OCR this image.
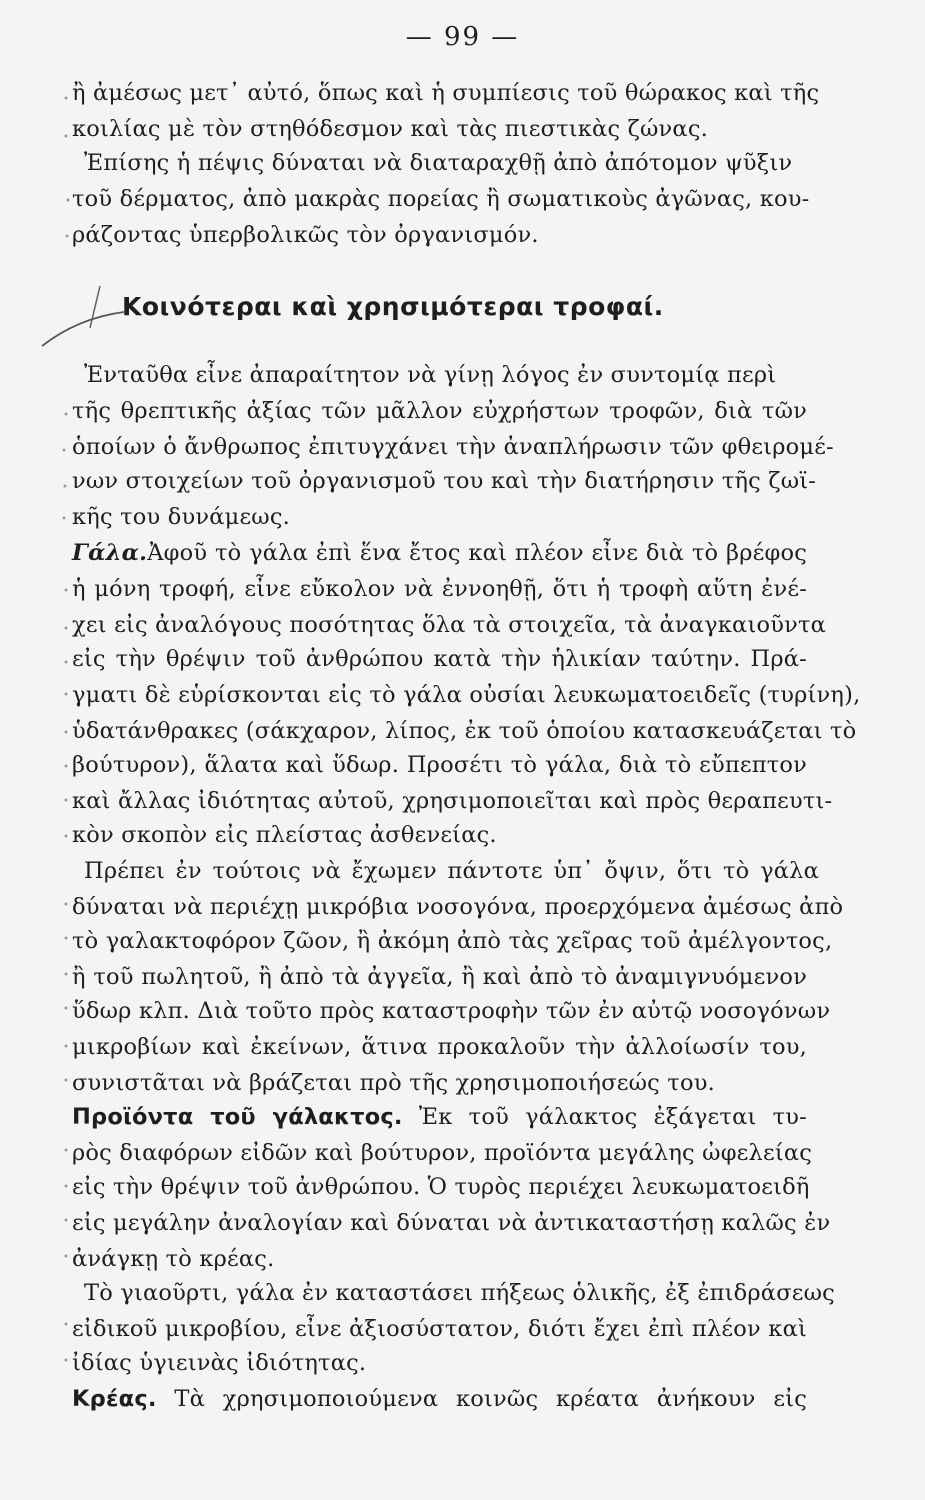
— 99 —
ἢ ἀμέσως μετ᾿ αὐτό, ὅπως καὶ ἡ συμπίεσις τοῦ θώρακος καὶ τῆς
κοιλίας μὲ τὸν στηθόδεσμον καὶ τὰς πιεστικὰς ζώνας.
Ἐπίσης ἡ πέψις δύναται νὰ διαταραχθῇ ἀπὸ ἀπότομον ψῦξιν
τοῦ δέρματος, ἀπὸ μακρὰς πορείας ἢ σωματικοὺς ἀγῶνας, κου-
ράζοντας ὑπερβολικῶς τὸν ὀργανισμόν.
Ἐνταῦθα εἶνε ἀπαραίτητον νὰ γίνῃ λόγος ἐν συντομίᾳ περὶ
τῆς θρεπτικῆς ἀξίας τῶν μᾶλλον εὐχρήστων τροφῶν, διὰ τῶν
ὁποίων ὁ ἄνθρωπος ἐπιτυγχάνει τὴν ἀναπλήρωσιν τῶν φθειρομέ-
νων στοιχείων τοῦ ὀργανισμοῦ του καὶ τὴν διατήρησιν τῆς ζωϊ-
κῆς του δυνάμεως.
Γάλα.Ἀφοῦ τὸ γάλα ἐπὶ ἕνα ἔτος καὶ πλέον εἶνε διὰ τὸ βρέφος
ἡ μόνη τροφή, εἶνε εὔκολον νὰ ἐννοηθῇ, ὅτι ἡ τροφὴ αὕτη ἐνέ-
χει εἰς ἀναλόγους ποσότητας ὅλα τὰ στοιχεῖα, τὰ ἀναγκαιοῦντα
εἰς τὴν θρέψιν τοῦ ἀνθρώπου κατὰ τὴν ἡλικίαν ταύτην. Πρά-
γματι δὲ εὑρίσκονται εἰς τὸ γάλα οὐσίαι λευκωματοειδεῖς (τυρίνη),
ὑδατάνθρακες (σάκχαρον, λίπος, ἐκ τοῦ ὁποίου κατασκευάζεται τὸ
βούτυρον), ἅλατα καὶ ὕδωρ. Προσέτι τὸ γάλα, διὰ τὸ εὔπεπτον
καὶ ἄλλας ἰδιότητας αὐτοῦ, χρησιμοποιεῖται καὶ πρὸς θεραπευτι-
κὸν σκοπὸν εἰς πλείστας ἀσθενείας.
Πρέπει ἐν τούτοις νὰ ἔχωμεν πάντοτε ὑπ᾿ ὄψιν, ὅτι τὸ γάλα
δύναται νὰ περιέχῃ μικρόβια νοσογόνα, προερχόμενα ἀμέσως ἀπὸ
τὸ γαλακτοφόρον ζῶον, ἢ ἀκόμη ἀπὸ τὰς χεῖρας τοῦ ἀμέλγοντος,
ἢ τοῦ πωλητοῦ, ἢ ἀπὸ τὰ ἀγγεῖα, ἢ καὶ ἀπὸ τὸ ἀναμιγνυόμενον
ὕδωρ κλπ. Διὰ τοῦτο πρὸς καταστροφὴν τῶν ἐν αὐτῷ νοσογόνων
μικροβίων καὶ ἐκείνων, ἅτινα προκαλοῦν τὴν ἀλλοίωσίν του,
συνιστᾶται νὰ βράζεται πρὸ τῆς χρησιμοποιήσεώς του.
Προϊόντα τοῦ γάλακτος. Ἐκ τοῦ γάλακτος ἐξάγεται τυ-
ρὸς διαφόρων εἰδῶν καὶ βούτυρον, προϊόντα μεγάλης ὠφελείας
εἰς τὴν θρέψιν τοῦ ἀνθρώπου. Ὁ τυρὸς περιέχει λευκωματοειδῆ
εἰς μεγάλην ἀναλογίαν καὶ δύναται νὰ ἀντικαταστήσῃ καλῶς ἐν
ἀνάγκῃ τὸ κρέας.
Τὸ γιαοῦρτι, γάλα ἐν καταστάσει πήξεως ὁλικῆς, ἐξ ἐπιδράσεως
εἰδικοῦ μικροβίου, εἶνε ἀξιοσύστατον, διότι ἔχει ἐπὶ πλέον καὶ
ἰδίας ὑγιεινὰς ἰδιότητας.
Κρέας. Τὰ χρησιμοποιούμενα κοινῶς κρέατα ἀνήκουν εἰς
Κοινότεραι καὶ χρησιμότεραι τροφαί.
